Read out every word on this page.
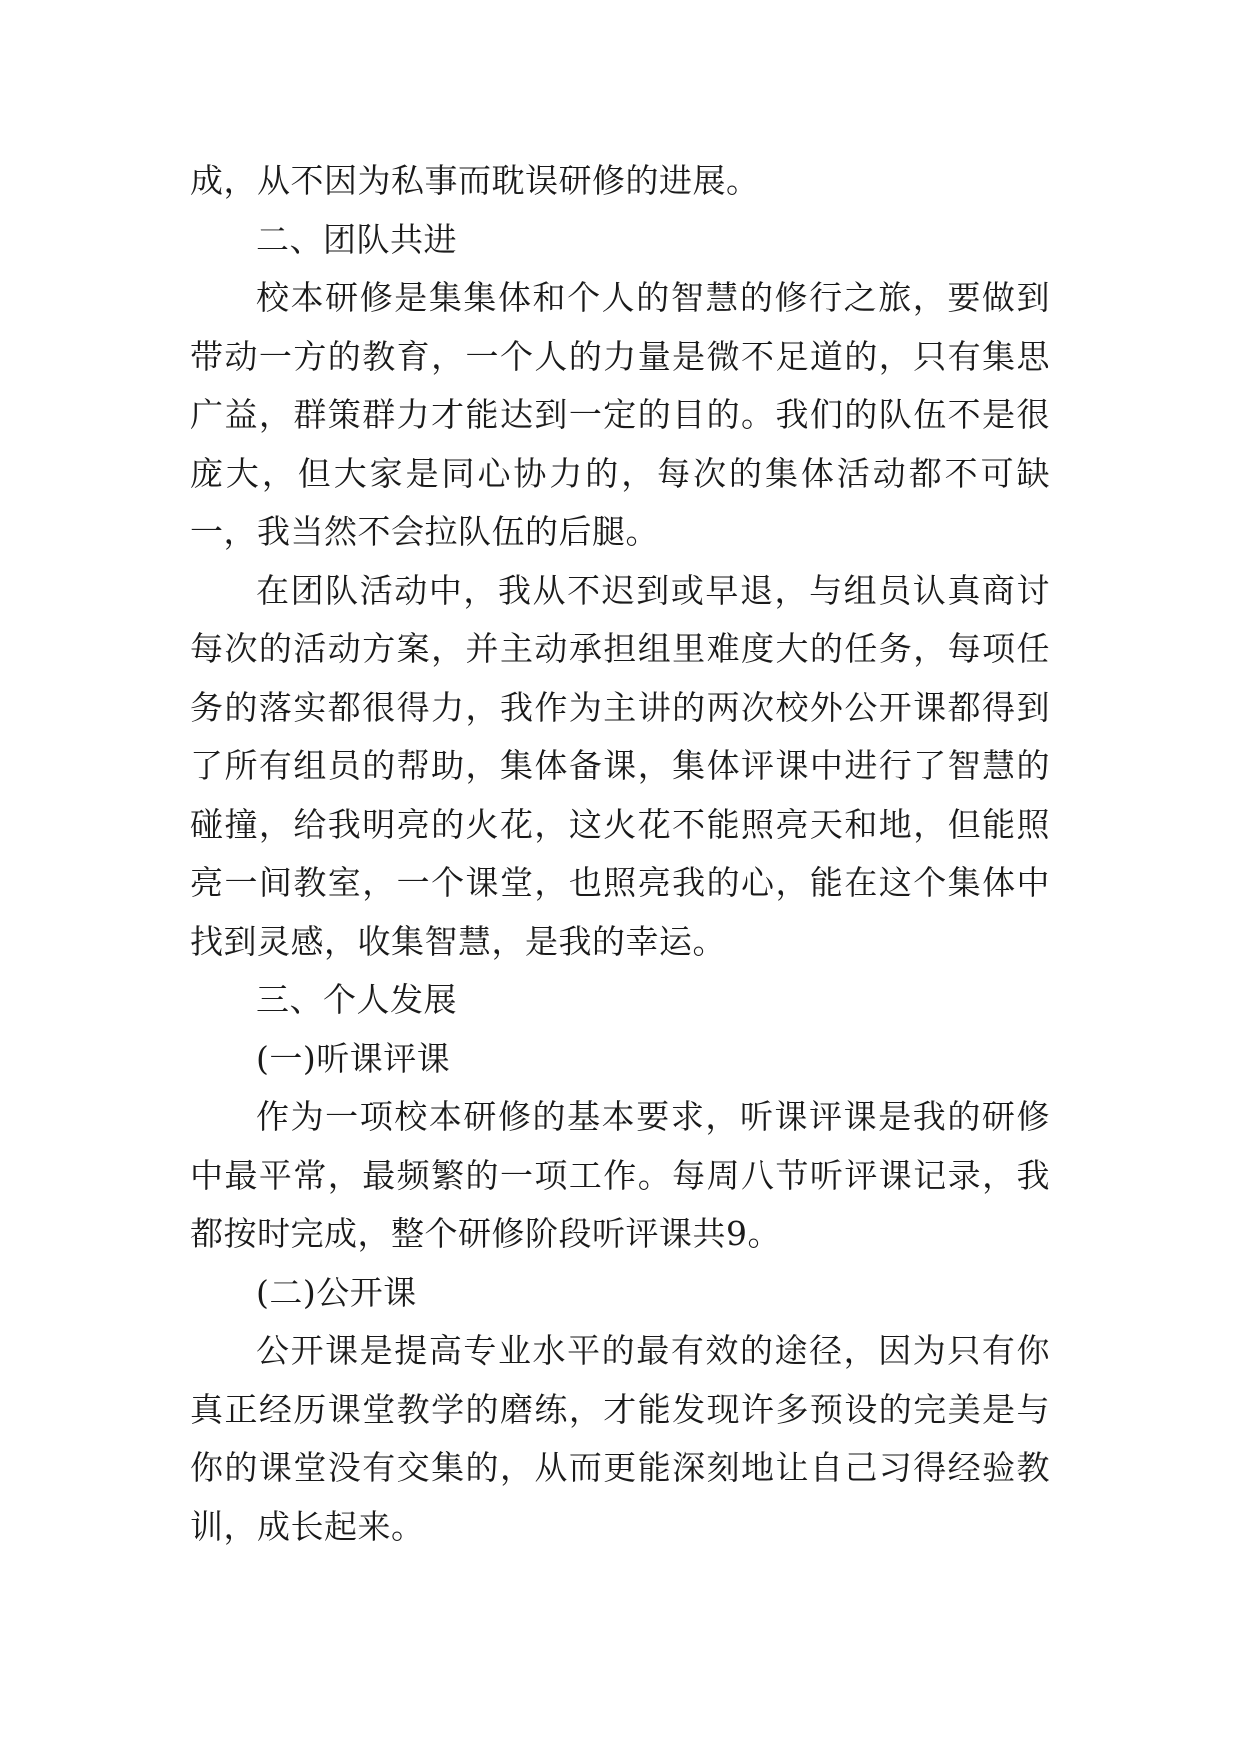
成，从不因为私事而耽误研修的进展。

二、团队共进

校本研修是集集体和个人的智慧的修行之旅，要做到带动一方的教育，一个人的力量是微不足道的，只有集思广益，群策群力才能达到一定的目的。我们的队伍不是很庞大，但大家是同心协力的，每次的集体活动都不可缺一，我当然不会拉队伍的后腿。

在团队活动中，我从不迟到或早退，与组员认真商讨每次的活动方案，并主动承担组里难度大的任务，每项任务的落实都很得力，我作为主讲的两次校外公开课都得到了所有组员的帮助，集体备课，集体评课中进行了智慧的碰撞，给我明亮的火花，这火花不能照亮天和地，但能照亮一间教室，一个课堂，也照亮我的心，能在这个集体中找到灵感，收集智慧，是我的幸运。

三、个人发展

(一)听课评课

作为一项校本研修的基本要求，听课评课是我的研修中最平常，最频繁的一项工作。每周八节听评课记录，我都按时完成，整个研修阶段听评课共9。

(二)公开课

公开课是提高专业水平的最有效的途径，因为只有你真正经历课堂教学的磨练，才能发现许多预设的完美是与你的课堂没有交集的，从而更能深刻地让自己习得经验教训，成长起来。
